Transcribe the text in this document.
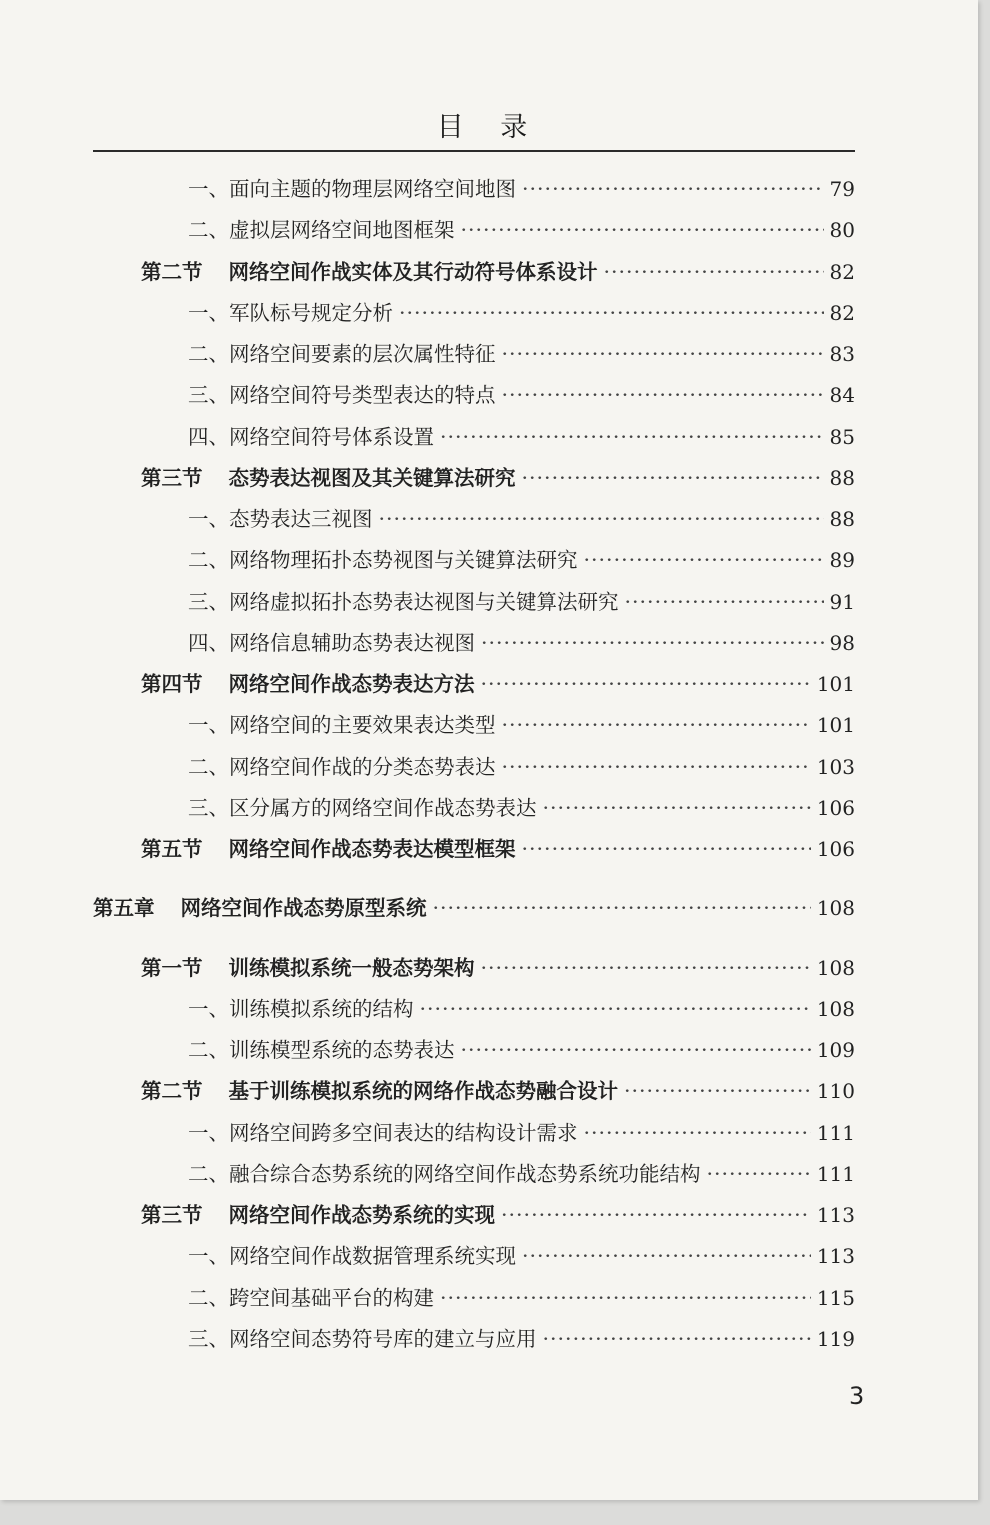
目 录
一、面向主题的物理层网络空间地图 ·····	79
二、虚拟层网络空间地图框架 ·····	80
第二节 网络空间作战实体及其行动符号体系设计 ·····	82
一、军队标号规定分析 ·····	82
二、网络空间要素的层次属性特征 ·····	83
三、网络空间符号类型表达的特点 ·····	84
四、网络空间符号体系设置 ·····	85
第三节 态势表达视图及其关键算法研究 ·····	88
一、态势表达三视图 ·····	88
二、网络物理拓扑态势视图与关键算法研究 ·····	89
三、网络虚拟拓扑态势表达视图与关键算法研究 ·····	91
四、网络信息辅助态势表达视图 ·····	98
第四节 网络空间作战态势表达方法 ·····	101
一、网络空间的主要效果表达类型 ·····	101
二、网络空间作战的分类态势表达 ·····	103
三、区分属方的网络空间作战态势表达 ·····	106
第五节 网络空间作战态势表达模型框架 ·····	106
第五章 网络空间作战态势原型系统 ·····	108
第一节 训练模拟系统一般态势架构 ·····	108
一、训练模拟系统的结构 ·····	108
二、训练模型系统的态势表达 ·····	109
第二节 基于训练模拟系统的网络作战态势融合设计 ·····	110
一、网络空间跨多空间表达的结构设计需求 ·····	111
二、融合综合态势系统的网络空间作战态势系统功能结构 ·····	111
第三节 网络空间作战态势系统的实现 ·····	113
一、网络空间作战数据管理系统实现 ·····	113
二、跨空间基础平台的构建 ·····	115
三、网络空间态势符号库的建立与应用 ·····	119
3
